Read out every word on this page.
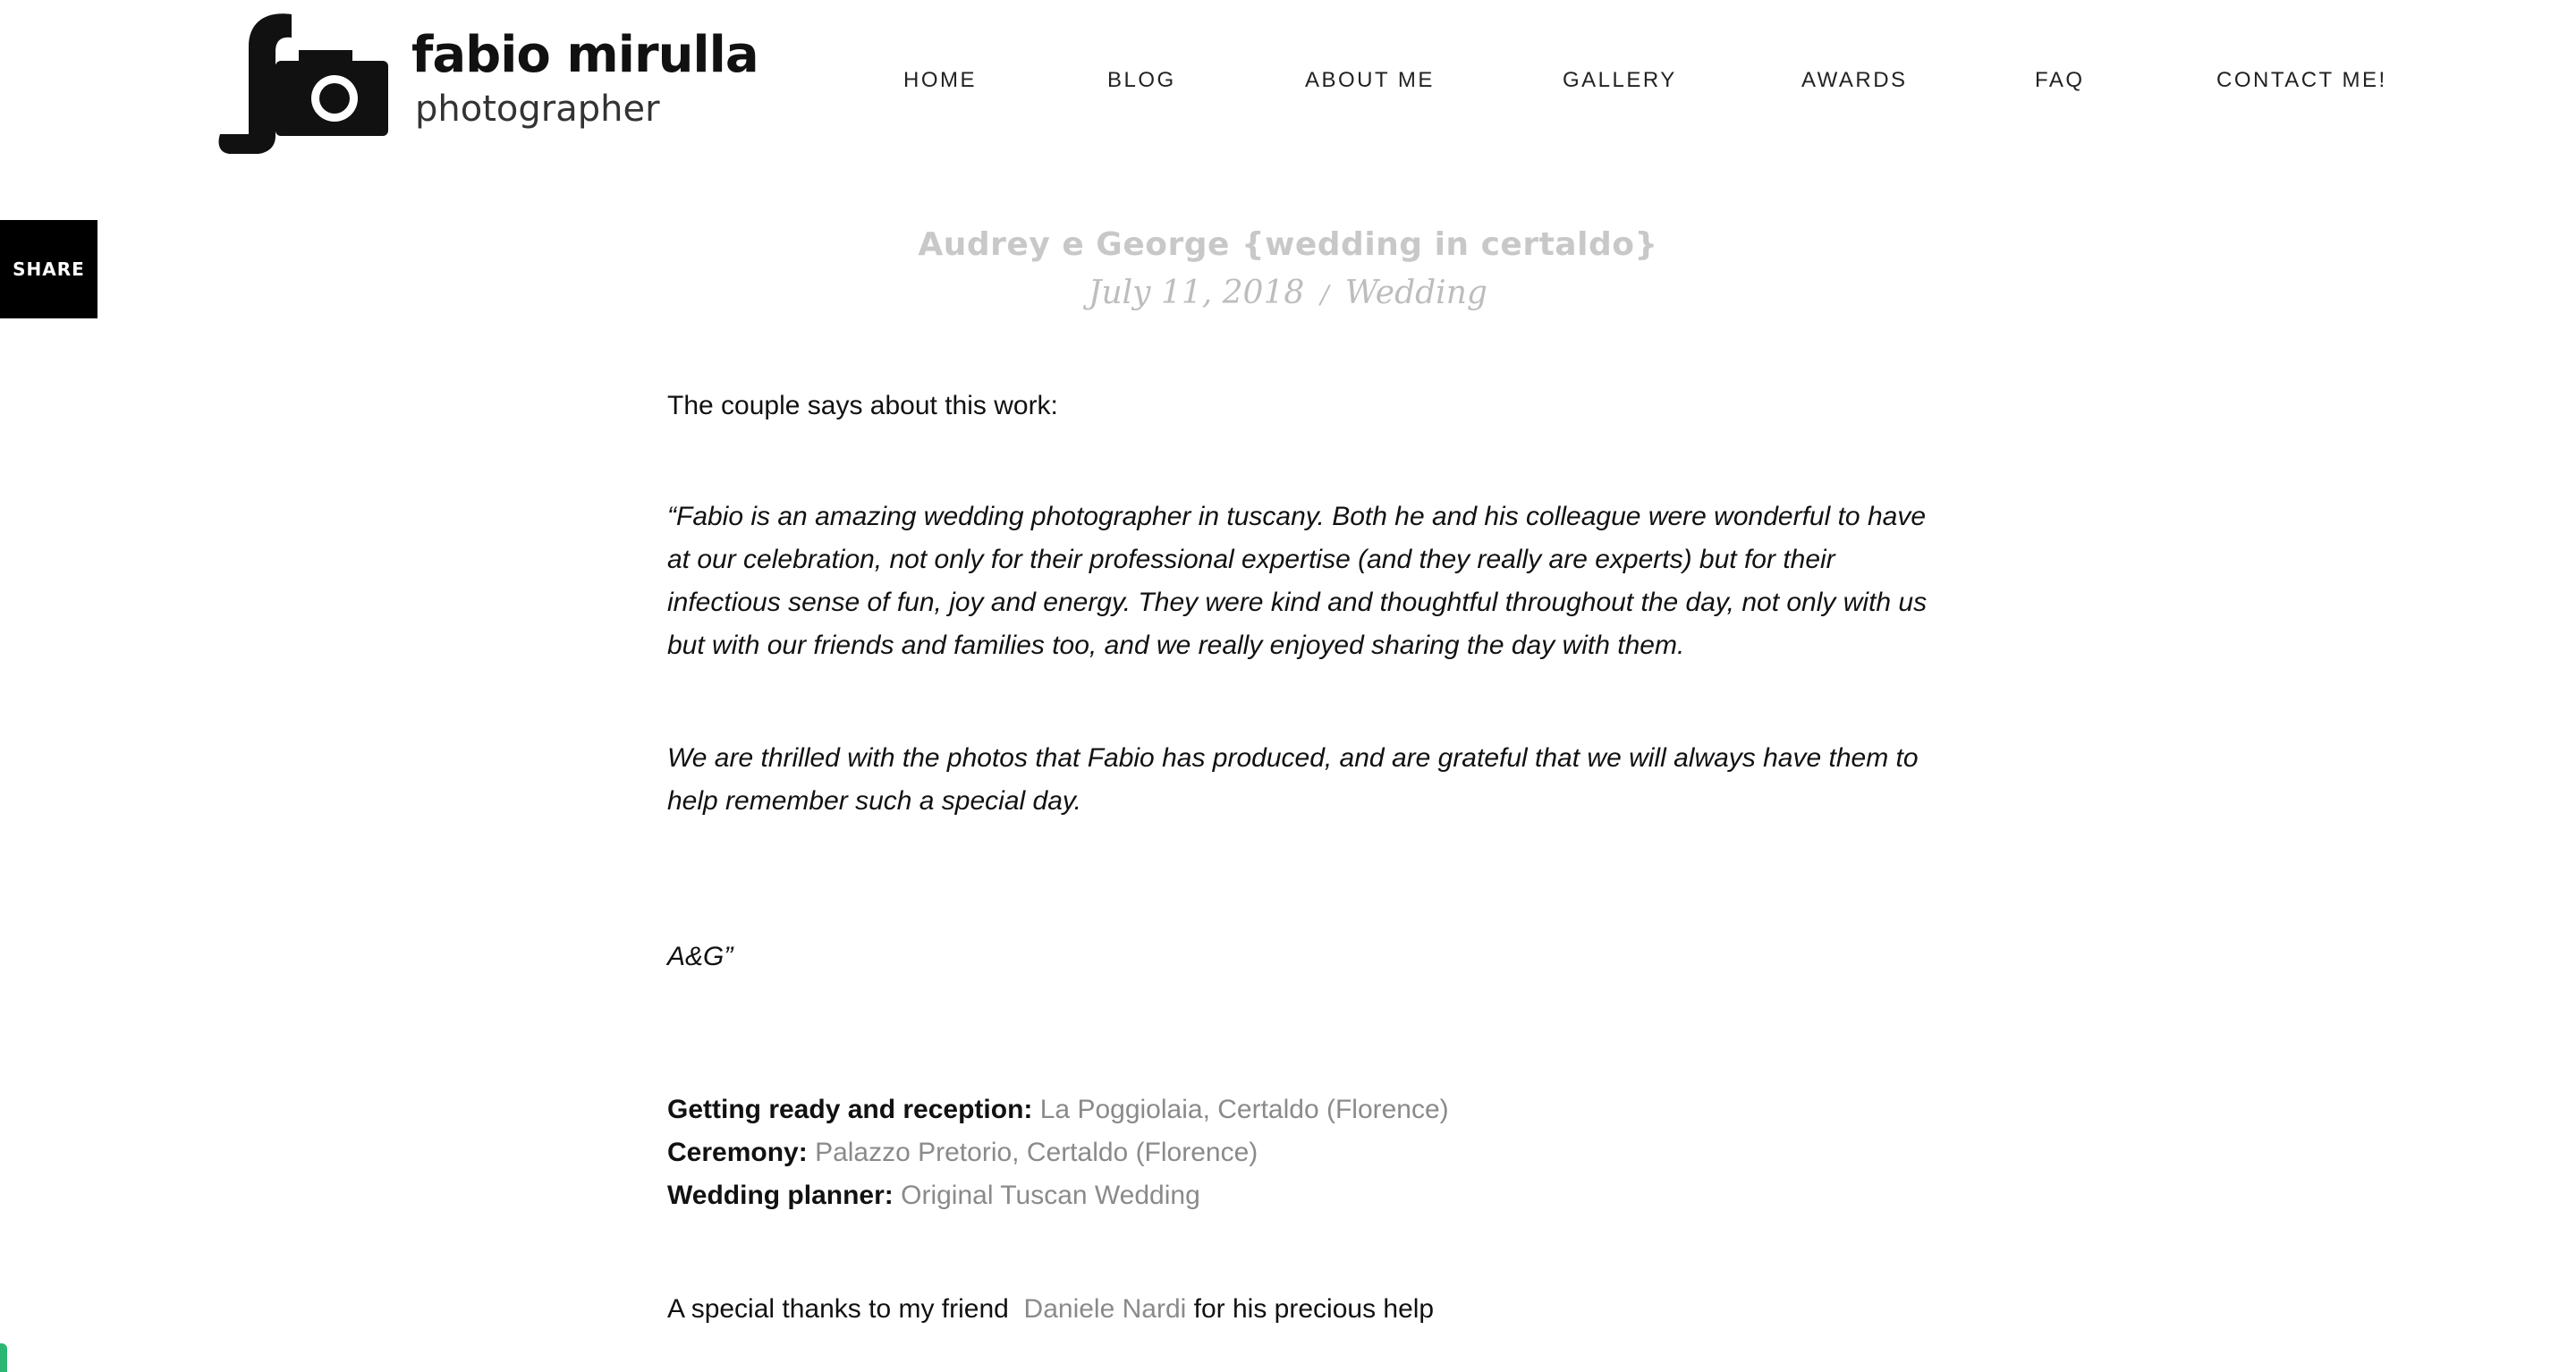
fabio mirulla
photographer
HOME	BLOG	ABOUT ME	GALLERY	AWARDS	FAQ	CONTACT ME!
SHARE
Audrey e George {wedding in certaldo}
July 11, 2018 / Wedding

The couple says about this work:

“Fabio is an amazing wedding photographer in tuscany. Both he and his colleague were wonderful to have at our celebration, not only for their professional expertise (and they really are experts) but for their infectious sense of fun, joy and energy. They were kind and thoughtful throughout the day, not only with us but with our friends and families too, and we really enjoyed sharing the day with them.

We are thrilled with the photos that Fabio has produced, and are grateful that we will always have them to help remember such a special day.

A&G”

Getting ready and reception: La Poggiolaia, Certaldo (Florence)
Ceremony: Palazzo Pretorio, Certaldo (Florence)
Wedding planner: Original Tuscan Wedding

A special thanks to my friend Daniele Nardi for his precious help
